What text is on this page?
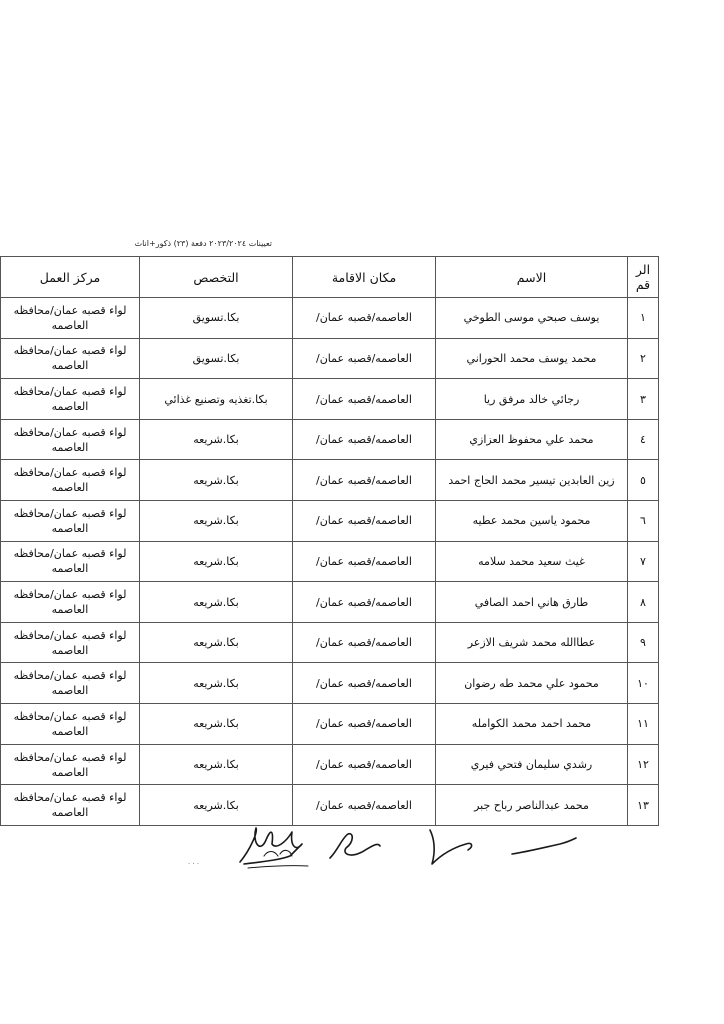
تعيينات ٢٠٢٣/٢٠٢٤ دفعة (٢٣) ذكور+اناث
الر قم	الاسم	مكان الاقامة	التخصص	مركز العمل
١	يوسف صبحي موسى الطوخي	العاصمه/قصبه عمان/	بكا.تسويق	لواء قصبه عمان/محافظه العاصمه
٢	محمد يوسف محمد الحوراني	العاصمه/قصبه عمان/	بكا.تسويق	لواء قصبه عمان/محافظه العاصمه
٣	رجائي خالد مرفق ريا	العاصمه/قصبه عمان/	بكا.تغذيه وتصنيع غذائي	لواء قصبه عمان/محافظه العاصمه
٤	محمد علي محفوظ العزازي	العاصمه/قصبه عمان/	بكا.شريعه	لواء قصبه عمان/محافظه العاصمه
٥	زين العابدين تيسير محمد الحاج احمد	العاصمه/قصبه عمان/	بكا.شريعه	لواء قصبه عمان/محافظه العاصمه
٦	محمود ياسين محمد عطيه	العاصمه/قصبه عمان/	بكا.شريعه	لواء قصبه عمان/محافظه العاصمه
٧	غيث سعيد محمد سلامه	العاصمه/قصبه عمان/	بكا.شريعه	لواء قصبه عمان/محافظه العاصمه
٨	طارق هاني احمد الصافي	العاصمه/قصبه عمان/	بكا.شريعه	لواء قصبه عمان/محافظه العاصمه
٩	عطاالله محمد شريف الازعر	العاصمه/قصبه عمان/	بكا.شريعه	لواء قصبه عمان/محافظه العاصمه
١٠	محمود علي محمد طه رضوان	العاصمه/قصبه عمان/	بكا.شريعه	لواء قصبه عمان/محافظه العاصمه
١١	محمد احمد محمد الكوامله	العاصمه/قصبه عمان/	بكا.شريعه	لواء قصبه عمان/محافظه العاصمه
١٢	رشدي سليمان فتحي فيري	العاصمه/قصبه عمان/	بكا.شريعه	لواء قصبه عمان/محافظه العاصمه
١٣	محمد عبدالناصر رباح جبر	العاصمه/قصبه عمان/	بكا.شريعه	لواء قصبه عمان/محافظه العاصمه
. . .
